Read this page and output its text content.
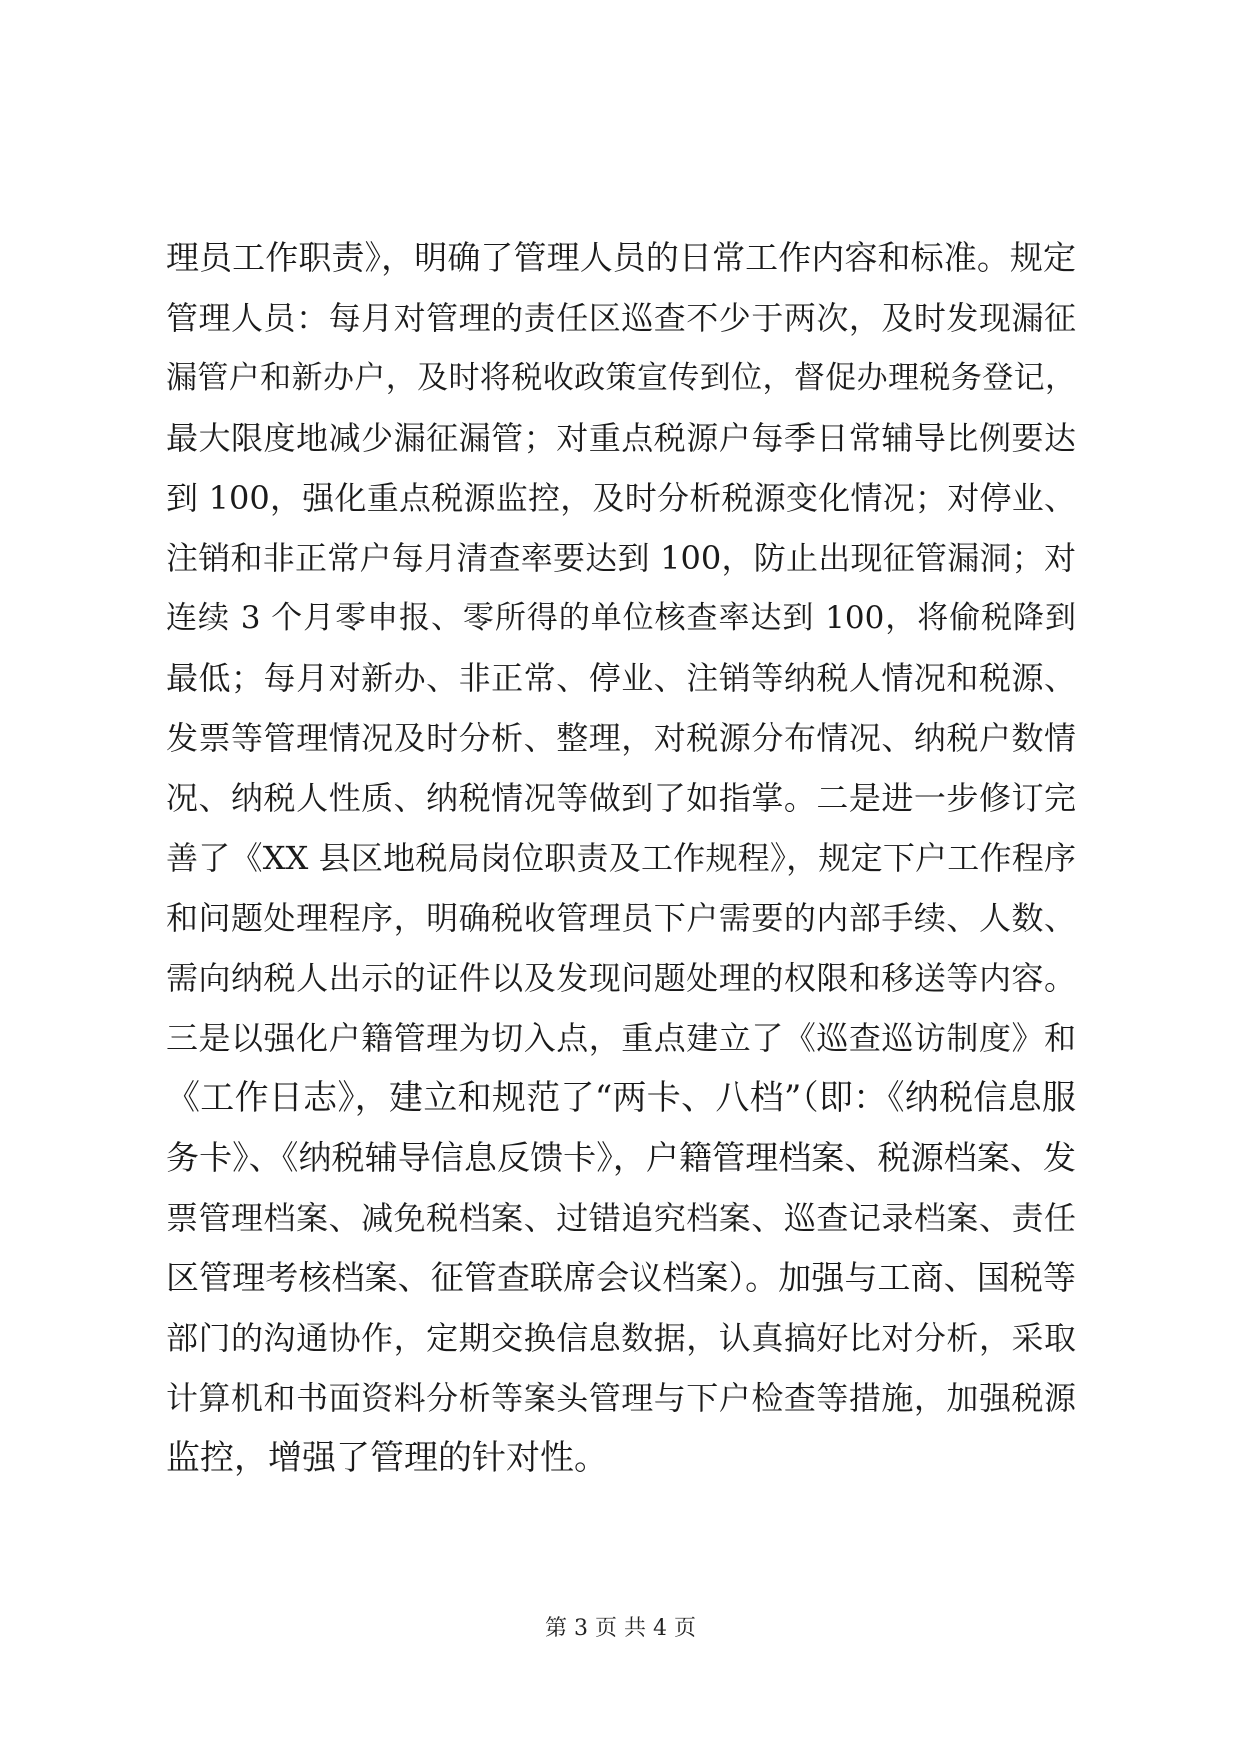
理员工作职责》，明确了管理人员的日常工作内容和标准。规定
管理人员：每月对管理的责任区巡查不少于两次，及时发现漏征
漏管户和新办户，及时将税收政策宣传到位，督促办理税务登记，
最大限度地减少漏征漏管；对重点税源户每季日常辅导比例要达
到 100，强化重点税源监控，及时分析税源变化情况；对停业、
注销和非正常户每月清查率要达到 100，防止出现征管漏洞；对
连续 3 个月零申报、零所得的单位核查率达到 100，将偷税降到
最低；每月对新办、非正常、停业、注销等纳税人情况和税源、
发票等管理情况及时分析、整理，对税源分布情况、纳税户数情
况、纳税人性质、纳税情况等做到了如指掌。二是进一步修订完
善了《XX 县区地税局岗位职责及工作规程》，规定下户工作程序
和问题处理程序，明确税收管理员下户需要的内部手续、人数、
需向纳税人出示的证件以及发现问题处理的权限和移送等内容。
三是以强化户籍管理为切入点，重点建立了《巡查巡访制度》和
《工作日志》，建立和规范了“两卡、八档”（即：《纳税信息服
务卡》、《纳税辅导信息反馈卡》，户籍管理档案、税源档案、发
票管理档案、减免税档案、过错追究档案、巡查记录档案、责任
区管理考核档案、征管查联席会议档案）。加强与工商、国税等
部门的沟通协作，定期交换信息数据，认真搞好比对分析，采取
计算机和书面资料分析等案头管理与下户检查等措施，加强税源
监控，增强了管理的针对性。
第 3 页 共 4 页
